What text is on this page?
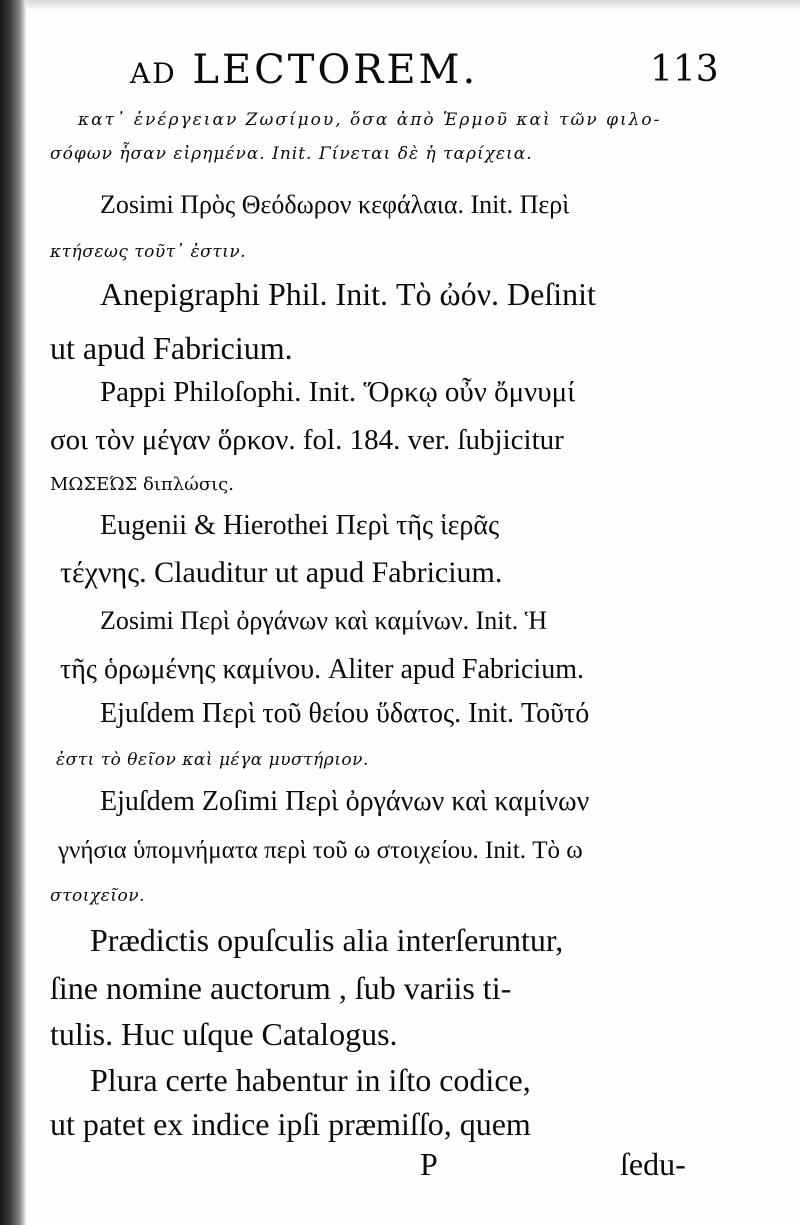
AD LECTOREM.	113
κατ᾽ ἐνέργειαν Ζωσίμου, ὅσα ἀπὸ Ἑρμοῦ καὶ τῶν φιλο-
σόφων ἦσαν εἰρημένα. Init. Γίνεται δὲ ἡ ταρίχεια.
Zosimi Πρὸς Θεόδωρον κεφάλαια. Init. Περὶ
κτήσεως τοῦτ᾽ ἐστιν.
Anepigraphi Phil. Init. Τὸ ὠόν. Deſinit
ut apud Fabricium.
Pappi Philoſophi. Init. Ὅρκῳ οὖν ὄμνυμί
σοι τὸν μέγαν ὅρκον. fol. 184. ver. ſubjicitur
ΜΩΣΕΏΣ διπλώσις.
Eugenii & Hierothei Περὶ τῆς ἱερᾶς
τέχνης. Clauditur ut apud Fabricium.
Zosimi Περὶ ὀργάνων καὶ καμίνων. Init. Ἡ
τῆς ὁρωμένης καμίνου. Aliter apud Fabricium.
Ejuſdem Περὶ τοῦ θείου ὕδατος. Init. Τοῦτό
ἐστι τὸ θεῖον καὶ μέγα μυστήριον.
Ejuſdem Zoſimi Περὶ ὀργάνων καὶ καμίνων
γνήσια ὑπομνήματα περὶ τοῦ ω στοιχείου. Init. Τὸ ω
στοιχεῖον.
Prædictis opuſculis alia interſeruntur,
ſine nomine auctorum , ſub variis ti-
tulis. Huc uſque Catalogus.
Plura certe habentur in iſto codice,
ut patet ex indice ipſi præmiſſo, quem
P	ſedu-
